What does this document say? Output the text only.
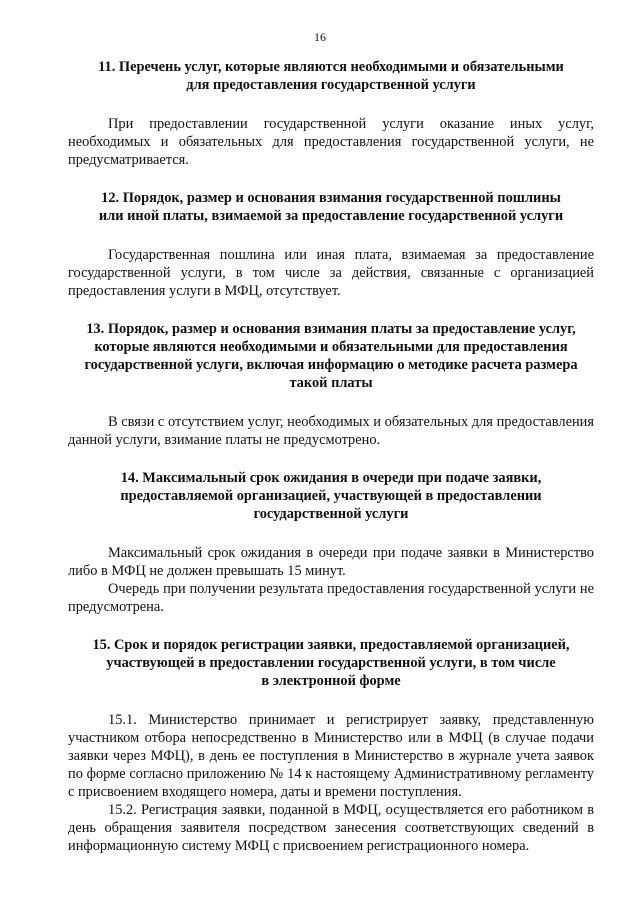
16
11. Перечень услуг, которые являются необходимыми и обязательными
для предоставления государственной услуги

При предоставлении государственной услуги оказание иных услуг, необходимых и обязательных для предоставления государственной услуги, не предусматривается.

12. Порядок, размер и основания взимания государственной пошлины
или иной платы, взимаемой за предоставление государственной услуги

Государственная пошлина или иная плата, взимаемая за предоставление государственной услуги, в том числе за действия, связанные с организацией предоставления услуги в МФЦ, отсутствует.

13. Порядок, размер и основания взимания платы за предоставление услуг,
которые являются необходимыми и обязательными для предоставления
государственной услуги, включая информацию о методике расчета размера
такой платы

В связи с отсутствием услуг, необходимых и обязательных для предоставления данной услуги, взимание платы не предусмотрено.

14. Максимальный срок ожидания в очереди при подаче заявки,
предоставляемой организацией, участвующей в предоставлении
государственной услуги

Максимальный срок ожидания в очереди при подаче заявки в Министерство либо в МФЦ не должен превышать 15 минут.

Очередь при получении результата предоставления государственной услуги не предусмотрена.

15. Срок и порядок регистрации заявки, предоставляемой организацией,
участвующей в предоставлении государственной услуги, в том числе
в электронной форме

15.1. Министерство принимает и регистрирует заявку, представленную участником отбора непосредственно в Министерство или в МФЦ (в случае подачи заявки через МФЦ), в день ее поступления в Министерство в журнале учета заявок по форме согласно приложению № 14 к настоящему Административному регламенту с присвоением входящего номера, даты и времени поступления.

15.2. Регистрация заявки, поданной в МФЦ, осуществляется его работником в день обращения заявителя посредством занесения соответствующих сведений в информационную систему МФЦ с присвоением регистрационного номера.
